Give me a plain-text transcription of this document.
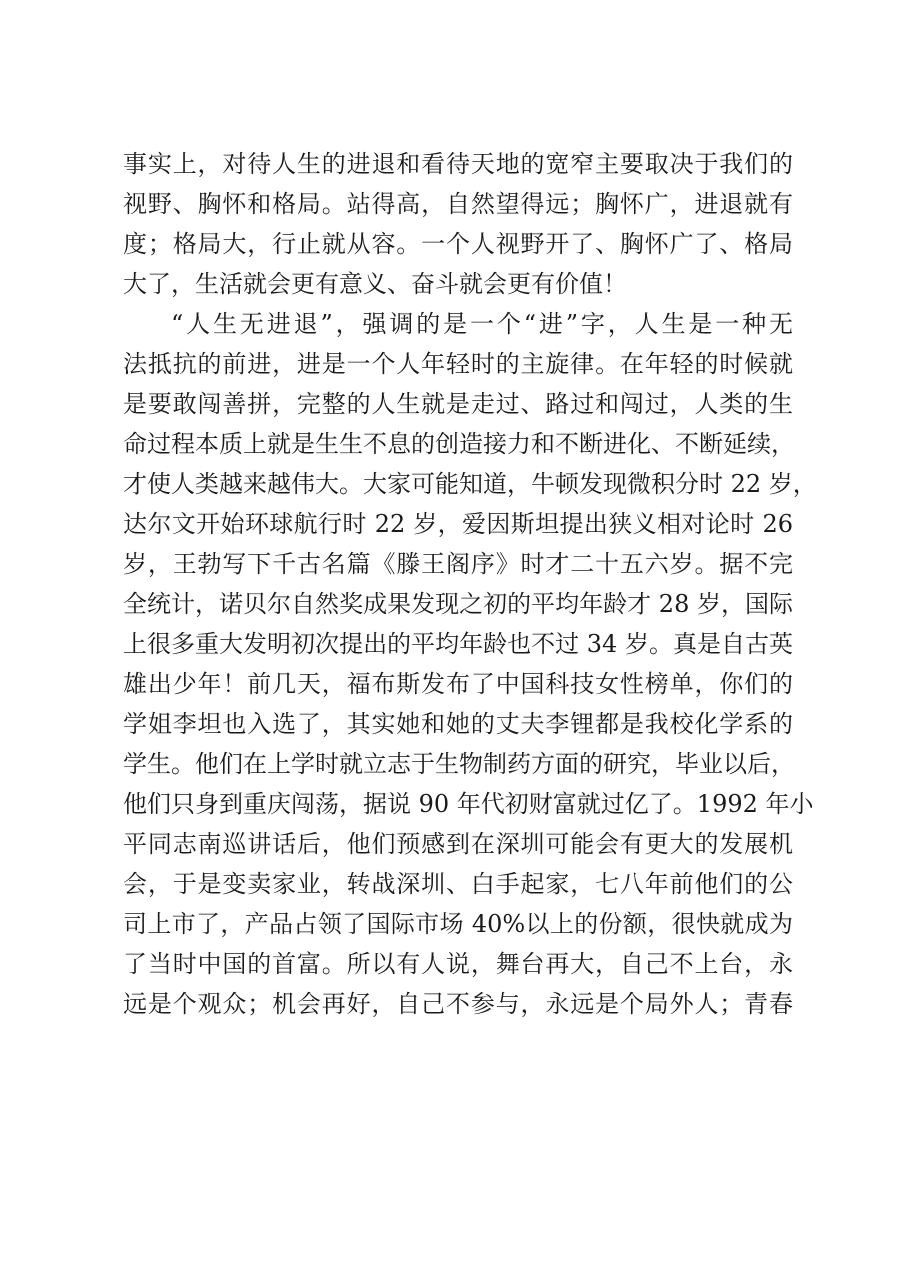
事实上，对待人生的进退和看待天地的宽窄主要取决于我们的
视野、胸怀和格局。站得高，自然望得远；胸怀广，进退就有
度；格局大，行止就从容。一个人视野开了、胸怀广了、格局
大了，生活就会更有意义、奋斗就会更有价值！
“人生无进退”，强调的是一个“进”字，人生是一种无
法抵抗的前进，进是一个人年轻时的主旋律。在年轻的时候就
是要敢闯善拼，完整的人生就是走过、路过和闯过，人类的生
命过程本质上就是生生不息的创造接力和不断进化、不断延续，
才使人类越来越伟大。大家可能知道，牛顿发现微积分时 22 岁，
达尔文开始环球航行时 22 岁，爱因斯坦提出狭义相对论时 26
岁，王勃写下千古名篇《滕王阁序》时才二十五六岁。据不完
全统计，诺贝尔自然奖成果发现之初的平均年龄才 28 岁，国际
上很多重大发明初次提出的平均年龄也不过 34 岁。真是自古英
雄出少年！前几天，福布斯发布了中国科技女性榜单，你们的
学姐李坦也入选了，其实她和她的丈夫李锂都是我校化学系的
学生。他们在上学时就立志于生物制药方面的研究，毕业以后，
他们只身到重庆闯荡，据说 90 年代初财富就过亿了。1992 年小
平同志南巡讲话后，他们预感到在深圳可能会有更大的发展机
会，于是变卖家业，转战深圳、白手起家，七八年前他们的公
司上市了，产品占领了国际市场 40%以上的份额，很快就成为
了当时中国的首富。所以有人说，舞台再大，自己不上台，永
远是个观众；机会再好，自己不参与，永远是个局外人；青春
